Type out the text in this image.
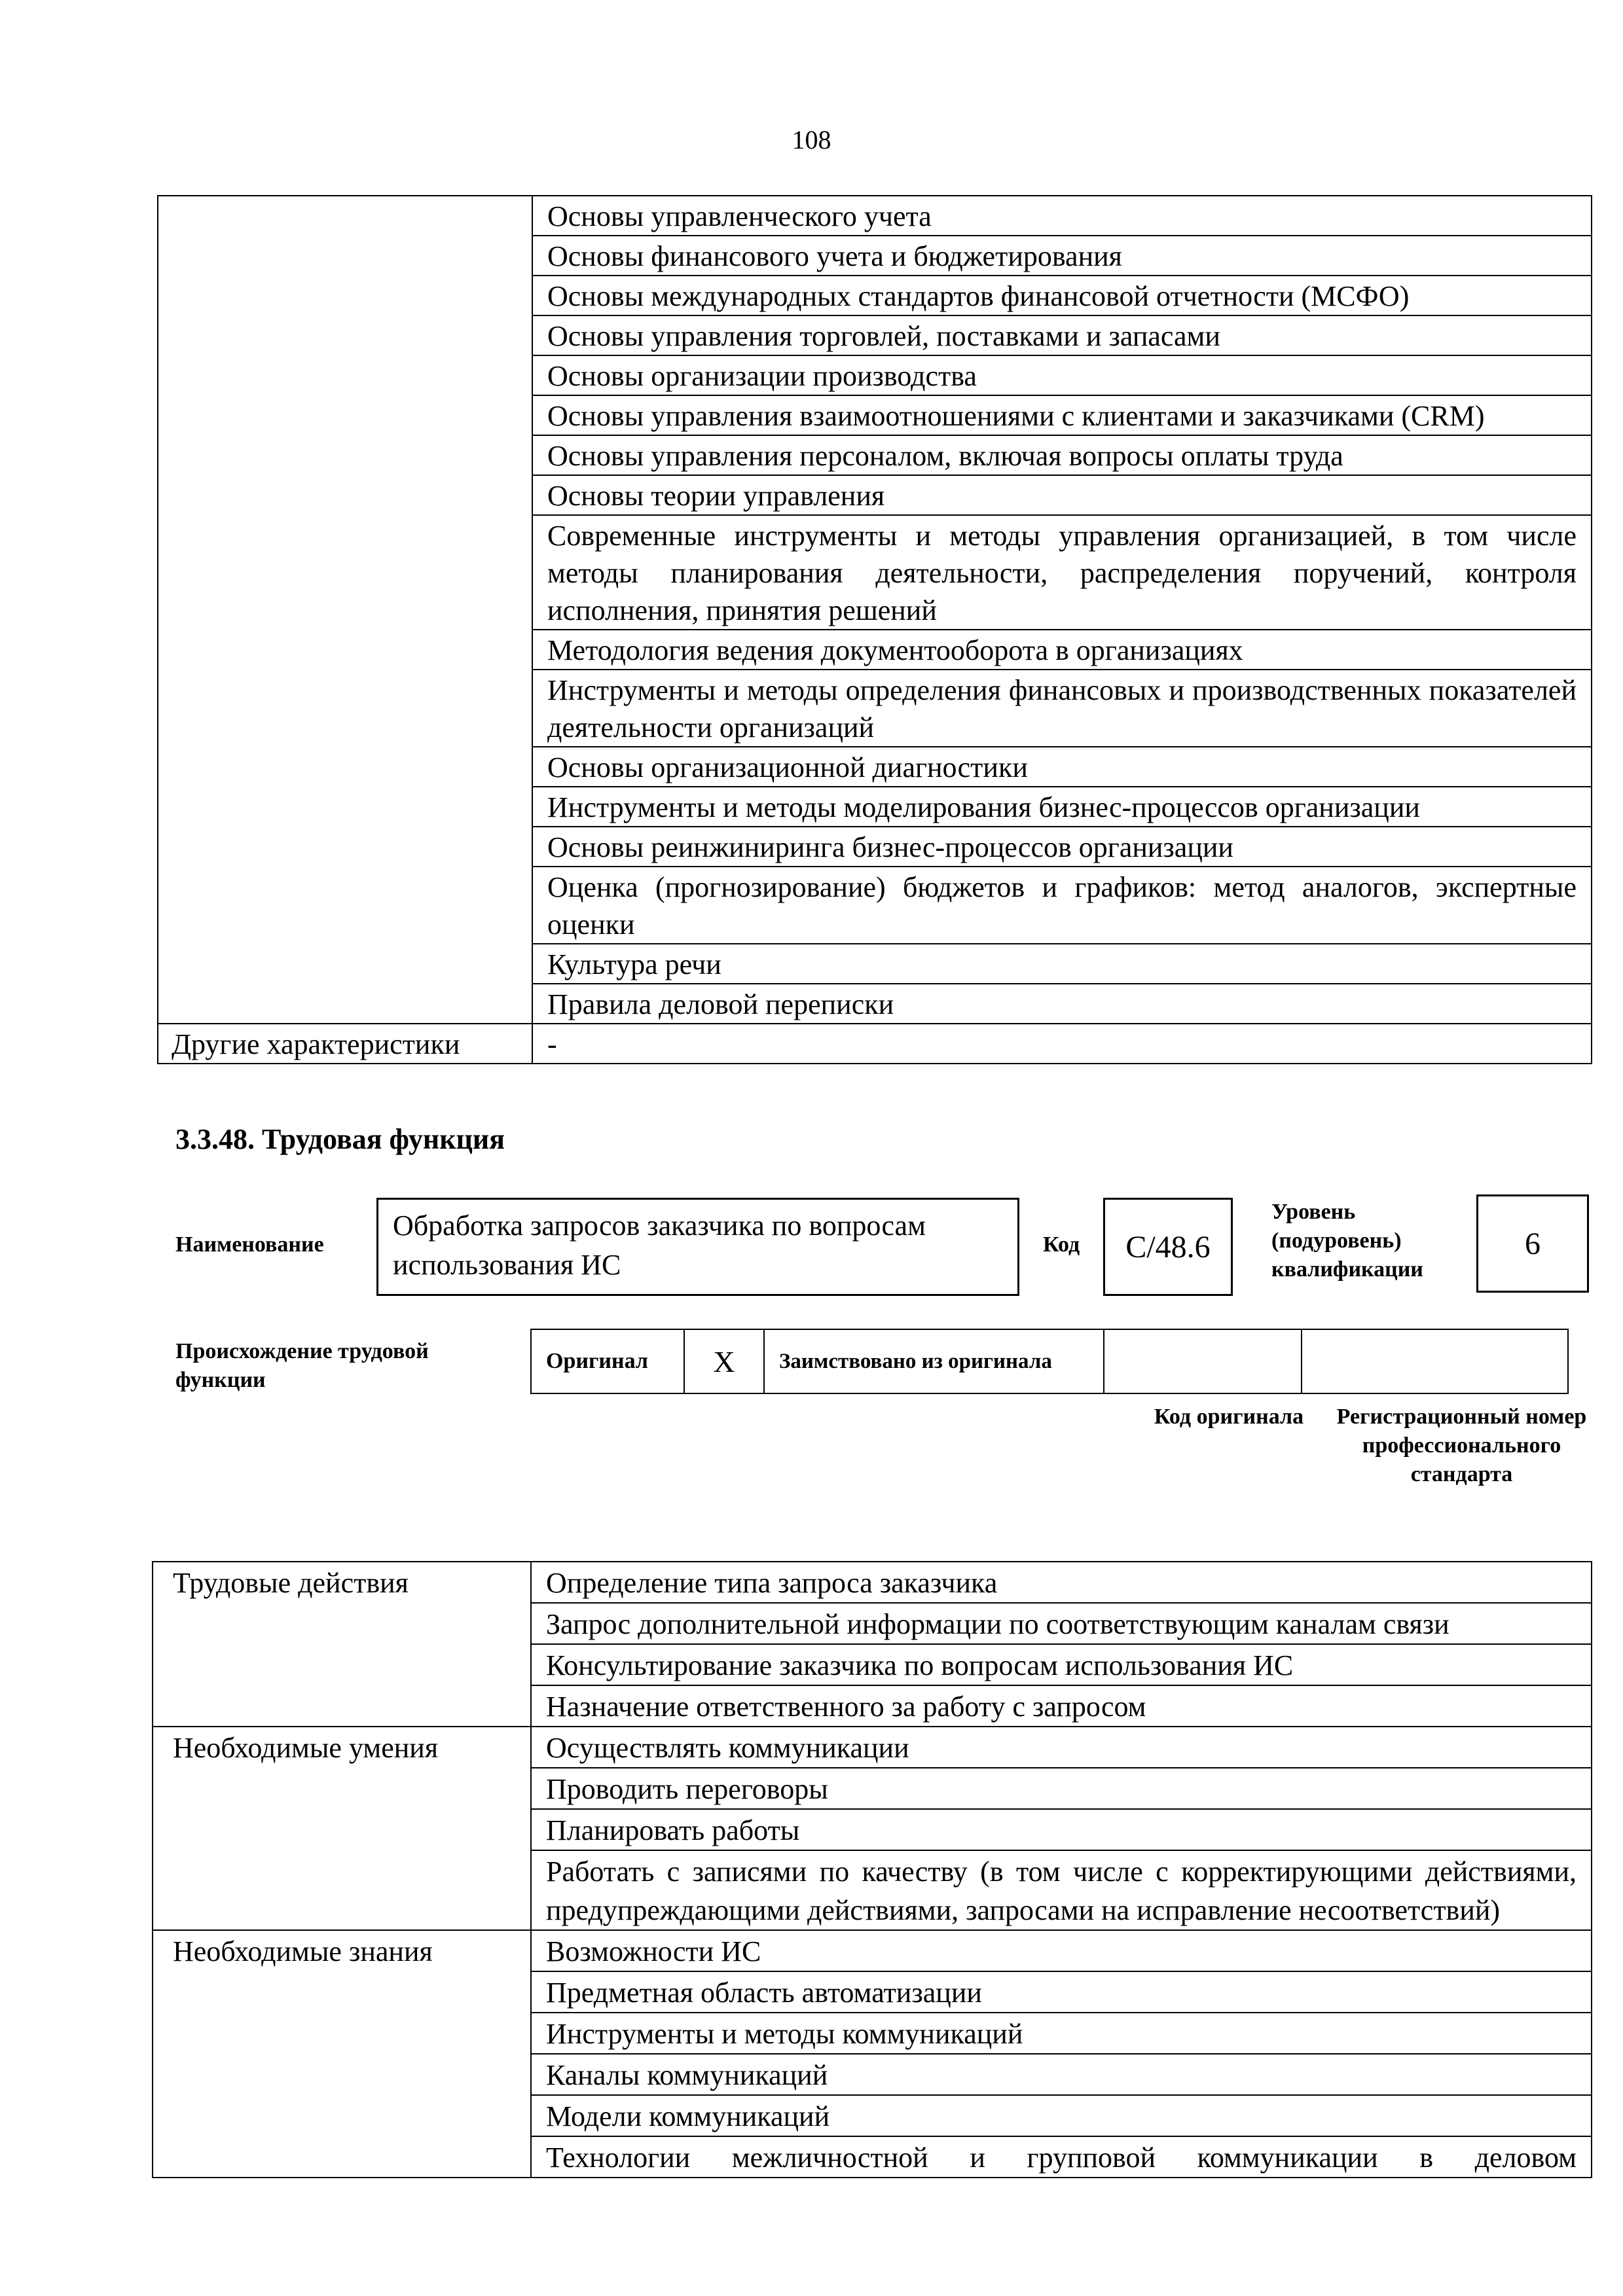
108
	Основы управленческого учета
	Основы финансового учета и бюджетирования
	Основы международных стандартов финансовой отчетности (МСФО)
	Основы управления торговлей, поставками и запасами
	Основы организации производства
	Основы управления взаимоотношениями с клиентами и заказчиками (CRM)
	Основы управления персоналом, включая вопросы оплаты труда
	Основы теории управления
	Современные инструменты и методы управления организацией, в том числе методы планирования деятельности, распределения поручений, контроля исполнения, принятия решений
	Методология ведения документооборота в организациях
	Инструменты и методы определения финансовых и производственных показателей деятельности организаций
	Основы организационной диагностики
	Инструменты и методы моделирования бизнес-процессов организации
	Основы реинжиниринга бизнес-процессов организации
	Оценка (прогнозирование) бюджетов и графиков: метод аналогов, экспертные оценки
	Культура речи
	Правила деловой переписки
Другие характеристики	-
3.3.48. Трудовая функция
Наименование
Обработка запросов заказчика по вопросам использования ИС
Код	С/48.6
Уровень (подуровень) квалификации
6
Происхождение трудовой функции
Оригинал	X	Заимствовано из оригинала		
Код оригинала	Регистрационный номер профессионального стандарта
Трудовые действия	Определение типа запроса заказчика
	Запрос дополнительной информации по соответствующим каналам связи
	Консультирование заказчика по вопросам использования ИС
	Назначение ответственного за работу с запросом
Необходимые умения	Осуществлять коммуникации
	Проводить переговоры
	Планировать работы
	Работать с записями по качеству (в том числе с корректирующими действиями, предупреждающими действиями, запросами на исправление несоответствий)
Необходимые знания	Возможности ИС
	Предметная область автоматизации
	Инструменты и методы коммуникаций
	Каналы коммуникаций
	Модели коммуникаций
	Технологии межличностной и групповой коммуникации в деловом
